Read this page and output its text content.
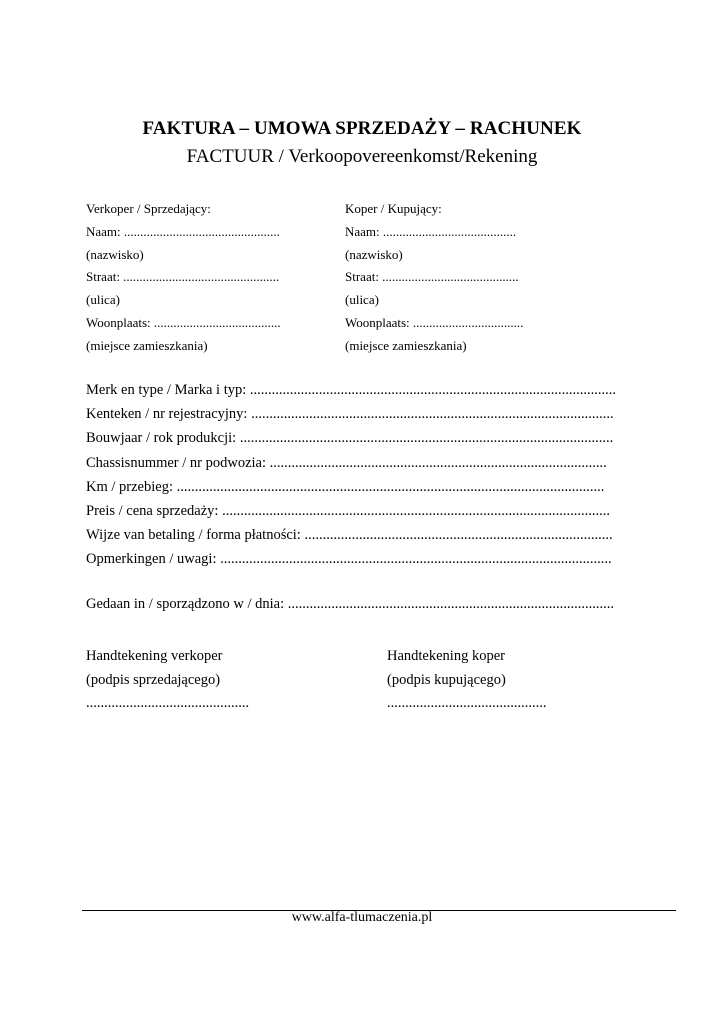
FAKTURA – UMOWA SPRZEDAŻY – RACHUNEK
FACTUUR / Verkoopovereenkomst/Rekening
Verkoper / Sprzedający:
Naam: ................................................
(nazwisko)
Straat: ................................................
(ulica)
Woonplaats: .......................................
(miejsce zamieszkania)
Koper / Kupujący:
Naam: .........................................
(nazwisko)
Straat: ..........................................
(ulica)
Woonplaats: ..................................
(miejsce zamieszkania)
Merk en type / Marka i typ: .....................................................................................................
Kenteken / nr rejestracyjny: ....................................................................................................
Bouwjaar / rok produkcji: .......................................................................................................
Chassisnummer / nr podwozia: .............................................................................................
Km / przebieg: ......................................................................................................................
Preis / cena sprzedaży: ...........................................................................................................
Wijze van betaling / forma płatności: .....................................................................................
Opmerkingen / uwagi: ............................................................................................................
Gedaan in / sporządzono w / dnia: ..........................................................................................
Handtekening verkoper
(podpis sprzedającego)
.............................................
Handtekening koper
(podpis kupującego)
............................................
www.alfa-tlumaczenia.pl
